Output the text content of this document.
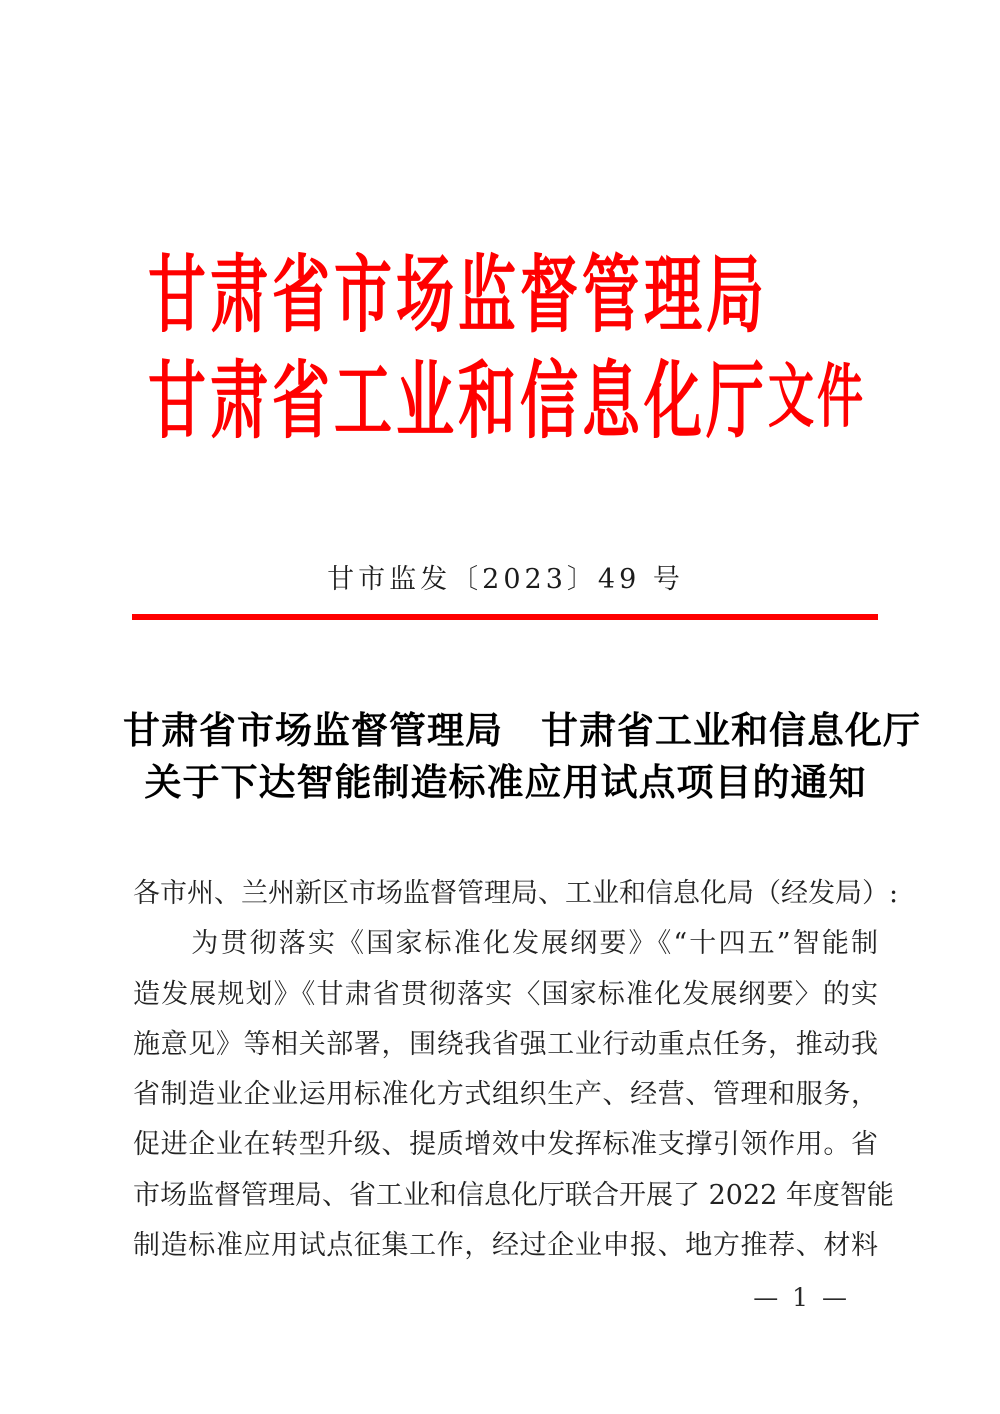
甘肃省市场监督管理局
甘肃省工业和信息化厅 文件
甘市监发〔2023〕49 号
甘肃省市场监督管理局　甘肃省工业和信息化厅
关于下达智能制造标准应用试点项目的通知
各市州、兰州新区市场监督管理局、工业和信息化局（经发局）:
　　为贯彻落实《国家标准化发展纲要》《“十四五”智能制
造发展规划》《甘肃省贯彻落实〈国家标准化发展纲要〉的实
施意见》等相关部署，围绕我省强工业行动重点任务，推动我
省制造业企业运用标准化方式组织生产、经营、管理和服务，
促进企业在转型升级、提质增效中发挥标准支撑引领作用。省
市场监督管理局、省工业和信息化厅联合开展了 2022 年度智能
制造标准应用试点征集工作，经过企业申报、地方推荐、材料
— 1 —
